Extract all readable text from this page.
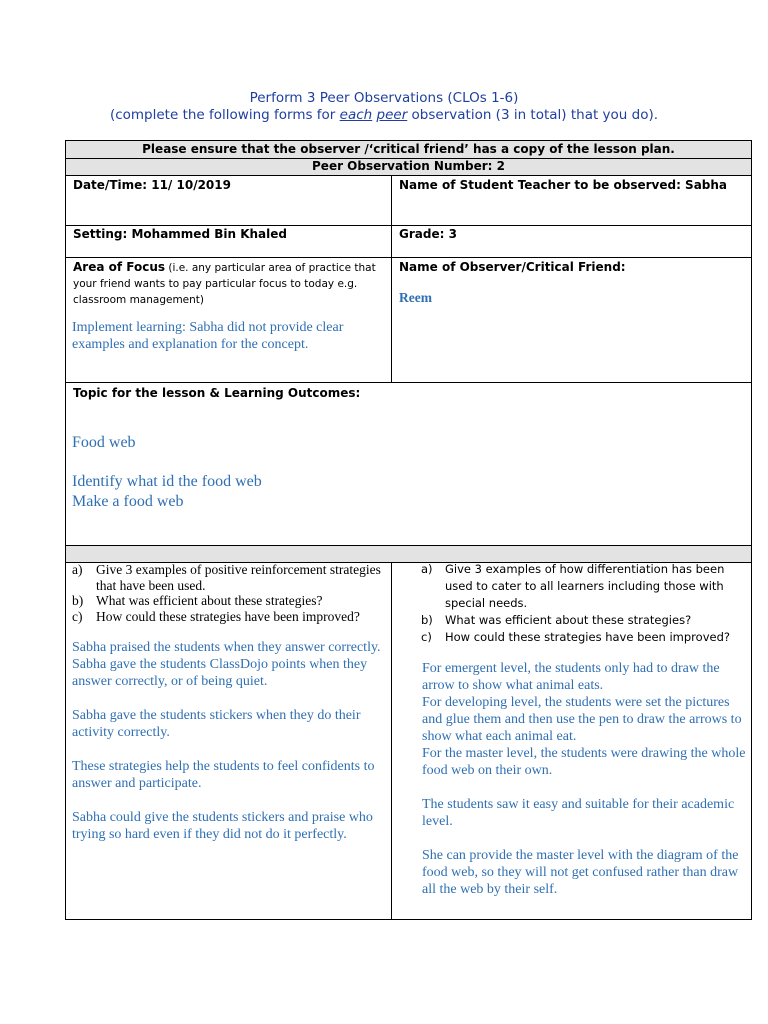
Perform 3 Peer Observations (CLOs 1-6)
(complete the following forms for each peer observation (3 in total) that you do).
Please ensure that the observer /‘critical friend’ has a copy of the lesson plan.
Peer Observation Number: 2
Date/Time: 11/ 10/2019	Name of Student Teacher to be observed: Sabha
Setting: Mohammed Bin Khaled	Grade: 3
Area of Focus (i.e. any particular area of practice that your friend wants to pay particular focus to today e.g. classroom management)
Implement learning: Sabha did not provide clear examples and explanation for the concept.
Name of Observer/Critical Friend:
Reem
Topic for the lesson & Learning Outcomes:
Food web
Identify what id the food web
Make a food web
a)	Give 3 examples of positive reinforcement strategies that have been used.
b) What was efficient about these strategies?
c)	How could these strategies have been improved?

Sabha praised the students when they answer correctly.

Sabha gave the students ClassDojo points when they answer correctly, or of being quiet.

Sabha gave the students stickers when they do their activity correctly.

These strategies help the students to feel confidents to answer and participate.

Sabha could give the students stickers and praise who trying so hard even if they did not do it perfectly.

a)	Give 3 examples of how differentiation has been used to cater to all learners including those with special needs.
b)	What was efficient about these strategies?
c)	How could these strategies have been improved?

For emergent level, the students only had to draw the arrow to show what animal eats.

For developing level, the students were set the pictures and glue them and then use the pen to draw the arrows to show what each animal eat.

For the master level, the students were drawing the whole food web on their own.

The students saw it easy and suitable for their academic level.

She can provide the master level with the diagram of the food web, so they will not get confused rather than draw all the web by their self.
